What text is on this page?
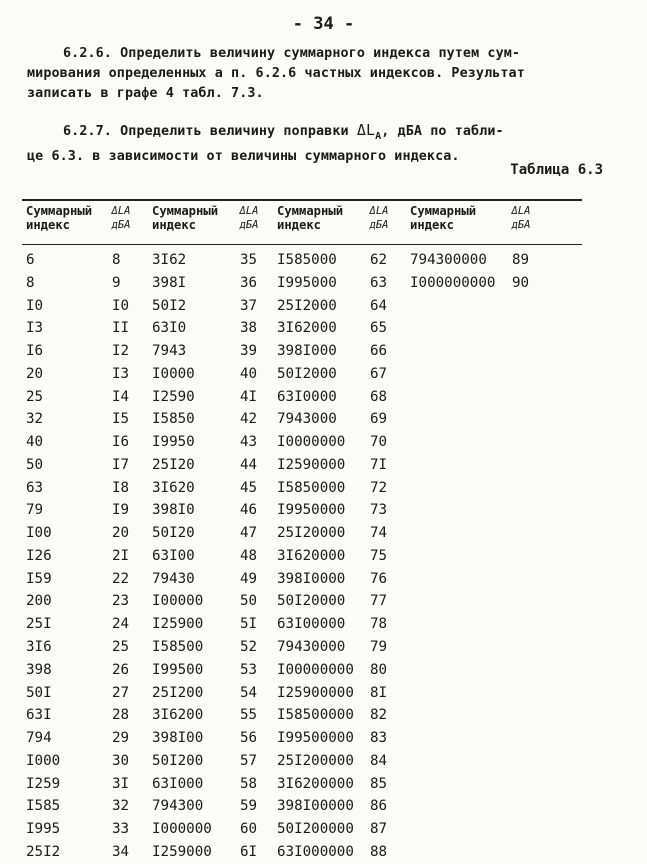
- 34 -
6.2.6. Определить величину суммарного индекса путем сум-
мирования определенных а п. 6.2.6 частных индексов. Результат
записать в графе 4 табл. 7.3.
6.2.7. Определить величину поправки $\Delta L_A$, дБА по табли-
це 6.3. в зависимости от величины суммарного индекса.
Таблица 6.3
Суммарный
индекс
ΔLA
дБА
Суммарный
индекс
ΔLA
дБА
Суммарный
индекс
ΔLA
дБА
Суммарный
индекс
ΔLA
дБА
6
8
I0
I3
I6
20
25
32
40
50
63
79
I00
I26
I59
200
25I
3I6
398
50I
63I
794
I000
I259
I585
I995
25I2
8
9
I0
II
I2
I3
I4
I5
I6
I7
I8
I9
20
2I
22
23
24
25
26
27
28
29
30
3I
32
33
34
3I62
398I
50I2
63I0
7943
I0000
I2590
I5850
I9950
25I20
3I620
398I0
50I20
63I00
79430
I00000
I25900
I58500
I99500
25I200
3I6200
398I00
50I200
63I000
794300
I000000
I259000
35
36
37
38
39
40
4I
42
43
44
45
46
47
48
49
50
5I
52
53
54
55
56
57
58
59
60
6I
I585000
I995000
25I2000
3I62000
398I000
50I2000
63I0000
7943000
I0000000
I2590000
I5850000
I9950000
25I20000
3I620000
398I0000
50I20000
63I00000
79430000
I00000000
I25900000
I58500000
I99500000
25I200000
3I6200000
398I00000
50I200000
63I000000
62
63
64
65
66
67
68
69
70
7I
72
73
74
75
76
77
78
79
80
8I
82
83
84
85
86
87
88
794300000
I000000000
89
90
